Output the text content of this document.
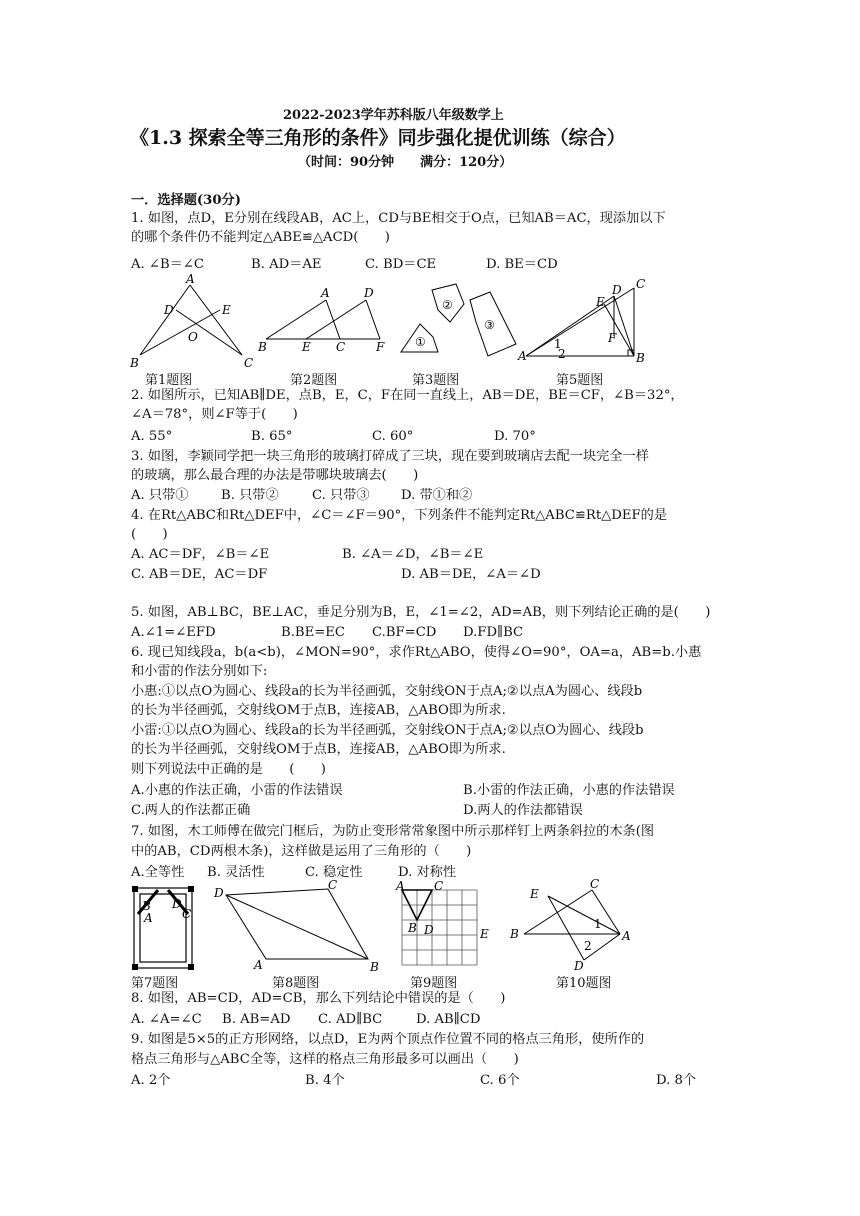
2022-2023学年苏科版八年级数学上
《1.3 探索全等三角形的条件》同步强化提优训练（综合）
（时间：90分钟　　满分：120分）
一．选择题(30分)
1. 如图，点D，E分别在线段AB，AC上，CD与BE相交于O点，已知AB＝AC，现添加以下
的哪个条件仍不能判定△ABE≌△ACD(　　)
A. ∠B＝∠C	B. AD＝AE	C. BD＝CE	D. BE＝CD
A
D	E
O
B	C
A	D
B	E C	F	①
②
③
C
D
E
F
A	B
1
2
第1题图	第2题图	第3题图	第5题图
2. 如图所示，已知AB∥DE，点B，E，C，F在同一直线上，AB＝DE，BE＝CF，∠B＝32°，
∠A＝78°，则∠F等于(　　)
A. 55°	B. 65°	C. 60°	D. 70°
3. 如图，李颖同学把一块三角形的玻璃打碎成了三块，现在要到玻璃店去配一块完全一样
的玻璃，那么最合理的办法是带哪块玻璃去(　　)
A. 只带① B. 只带②	C. 只带③ D. 带①和②
4. 在Rt△ABC和Rt△DEF中，∠C＝∠F＝90°，下列条件不能判定Rt△ABC≌Rt△DEF的是
(　　)
A. AC＝DF，∠B＝∠E	B. ∠A＝∠D，∠B＝∠E
C. AB＝DE，AC＝DF	D. AB＝DE，∠A＝∠D
5. 如图，AB⊥BC，BE⊥AC，垂足分别为B，E，∠1=∠2，AD=AB，则下列结论正确的是(　　)
A.∠1=∠EFD	B.BE=EC C.BF=CD D.FD∥BC
6. 现已知线段a，b(a<b)，∠MON=90°，求作Rt△ABO，使得∠O=90°，OA=a，AB=b.小惠
和小雷的作法分别如下:
小惠:①以点O为圆心、线段a的长为半径画弧，交射线ON于点A;②以点A为圆心、线段b
的长为半径画弧，交射线OM于点B，连接AB，△ABO即为所求.
小雷:①以点O为圆心、线段a的长为半径画弧，交射线ON于点A;②以点O为圆心、线段b
的长为半径画弧，交射线OM于点B，连接AB，△ABO即为所求.
则下列说法中正确的是　　(　　)
A.小惠的作法正确，小雷的作法错误	B.小雷的作法正确，小惠的作法错误
C.两人的作法都正确	D.两人的作法都错误
7. 如图，木工师傅在做完门框后，为防止变形常常象图中所示那样钉上两条斜拉的木条(图
中的AB，CD两根木条)，这样做是运用了三角形的（　　)
A.全等性 B. 灵活性	C. 稳定性	D. 对称性
B D
C
A
D
C
A	B
A
B D
C
E
E
C
B
1
2
A
D
第7题图	第8题图	第9题图	第10题图
8. 如图，AB=CD，AD=CB，那么下列结论中错误的是（　　)
A. ∠A=∠C B. AB=AD C. AD∥BC	D. AB∥CD
9. 如图是5×5的正方形网络，以点D，E为两个顶点作位置不同的格点三角形，使所作的
格点三角形与△ABC全等，这样的格点三角形最多可以画出（　　)
A. 2个	B. 4个	C. 6个	D. 8个
